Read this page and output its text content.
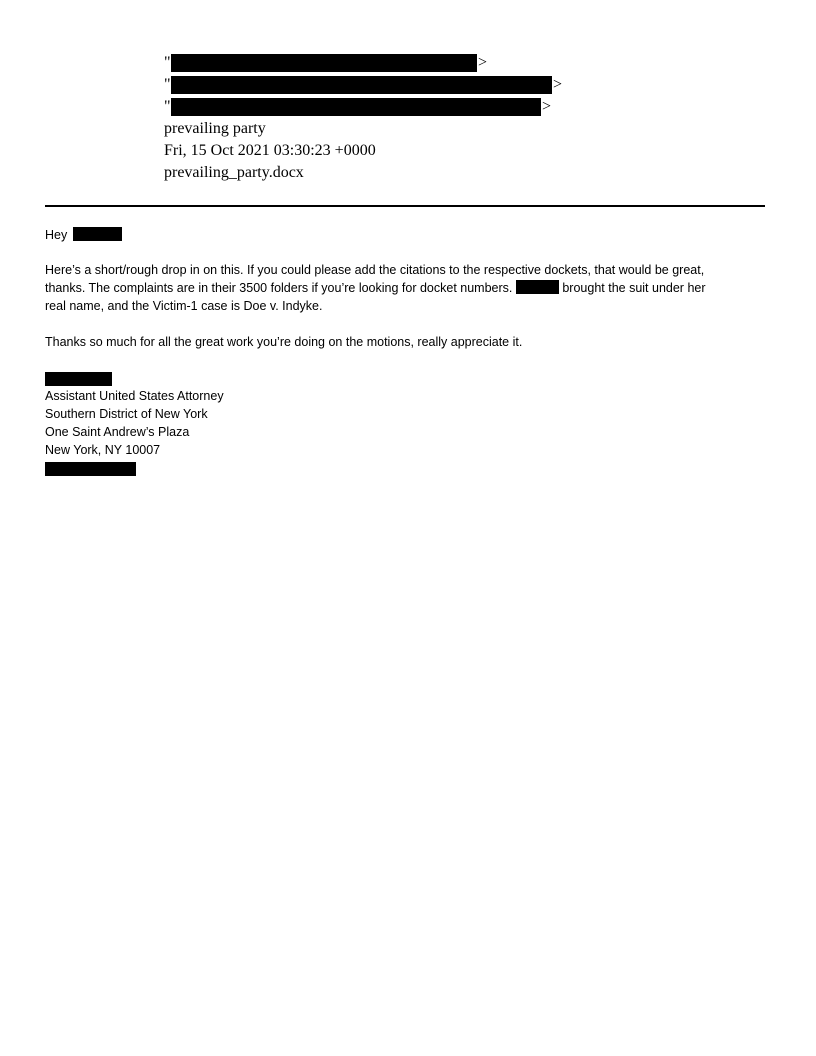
"	>
"	>
"	>
prevailing party
Fri, 15 Oct 2021 03:30:23 +0000
prevailing_party.docx
Hey
Here’s a short/rough drop in on this. If you could please add the citations to the respective dockets, that would be great,
thanks. The complaints are in their 3500 folders if you’re looking for docket numbers.	brought the suit under her
real name, and the Victim-1 case is Doe v. Indyke.
Thanks so much for all the great work you’re doing on the motions, really appreciate it.
Assistant United States Attorney
Southern District of New York
One Saint Andrew’s Plaza
New York, NY 10007
